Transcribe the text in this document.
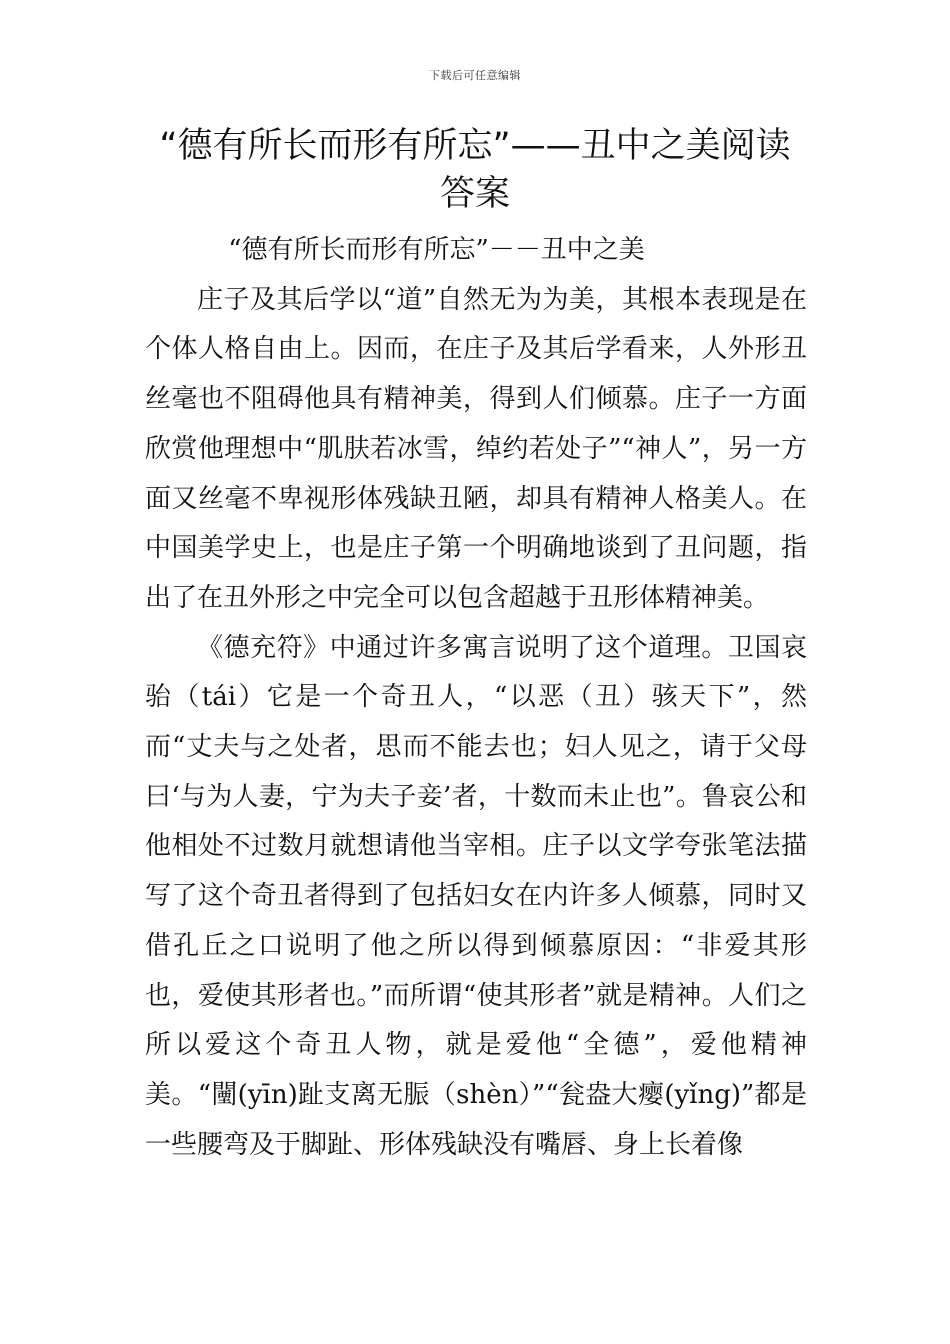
下载后可任意编辑
“德有所长而形有所忘”——丑中之美阅读答案

“德有所长而形有所忘”－－丑中之美

庄子及其后学以“道”自然无为为美，其根本表现是在个体人格自由上。因而，在庄子及其后学看来，人外形丑丝毫也不阻碍他具有精神美，得到人们倾慕。庄子一方面欣赏他理想中“肌肤若冰雪，绰约若处子”“神人”，另一方面又丝毫不卑视形体残缺丑陋，却具有精神人格美人。在中国美学史上，也是庄子第一个明确地谈到了丑问题，指出了在丑外形之中完全可以包含超越于丑形体精神美。

《德充符》中通过许多寓言说明了这个道理。卫国哀骀（tái）它是一个奇丑人，“以恶（丑）骇天下”，然而“丈夫与之处者，思而不能去也；妇人见之，请于父母曰‘与为人妻，宁为夫子妾’者，十数而未止也”。鲁哀公和他相处不过数月就想请他当宰相。庄子以文学夸张笔法描写了这个奇丑者得到了包括妇女在内许多人倾慕，同时又借孔丘之口说明了他之所以得到倾慕原因：“非爱其形也，爱使其形者也。”而所谓“使其形者”就是精神。人们之所以爱这个奇丑人物，就是爱他“全德”，爱他精神美。“闉(yīn)趾支离无脤（shèn）”“瓮盎大瘿(yǐng)”都是一些腰弯及于脚趾、形体残缺没有嘴唇、身上长着像
